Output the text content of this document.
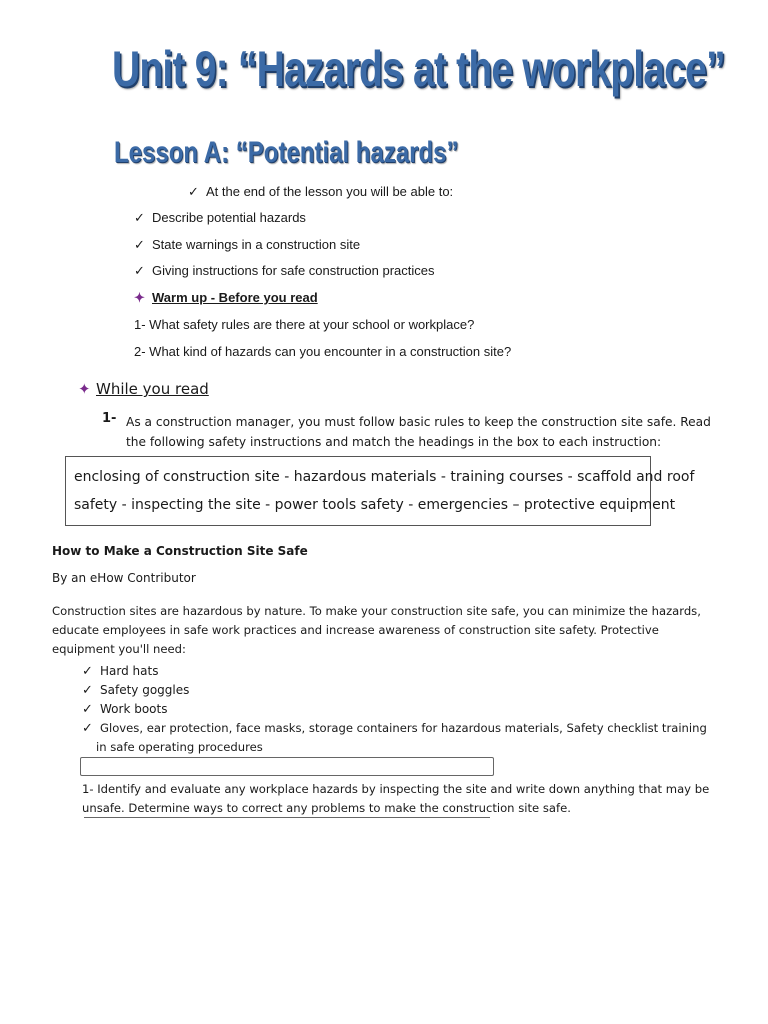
Unit 9: “Hazards at the workplace”
Lesson A: “Potential hazards”
✓ At the end of the lesson you will be able to:
✓ Describe potential hazards
✓ State warnings in a construction site
✓ Giving instructions for safe construction practices
✦ Warm up - Before you read
1- What safety rules are there at your school or workplace?
2- What kind of hazards can you encounter in a construction site?
✦ While you read
1- As a construction manager, you must follow basic rules to keep the construction site safe. Read
the following safety instructions and match the headings in the box to each instruction:
enclosing of construction site - hazardous materials - training courses - scaffold and roof
safety - inspecting the site - power tools safety - emergencies – protective equipment
How to Make a Construction Site Safe
By an eHow Contributor
Construction sites are hazardous by nature. To make your construction site safe, you can minimize the hazards,
educate employees in safe work practices and increase awareness of construction site safety. Protective
equipment you'll need:
✓ Hard hats
✓ Safety goggles
✓ Work boots
✓ Gloves, ear protection, face masks, storage containers for hazardous materials, Safety checklist training
in safe operating procedures
1- Identify and evaluate any workplace hazards by inspecting the site and write down anything that may be
unsafe. Determine ways to correct any problems to make the construction site safe.
